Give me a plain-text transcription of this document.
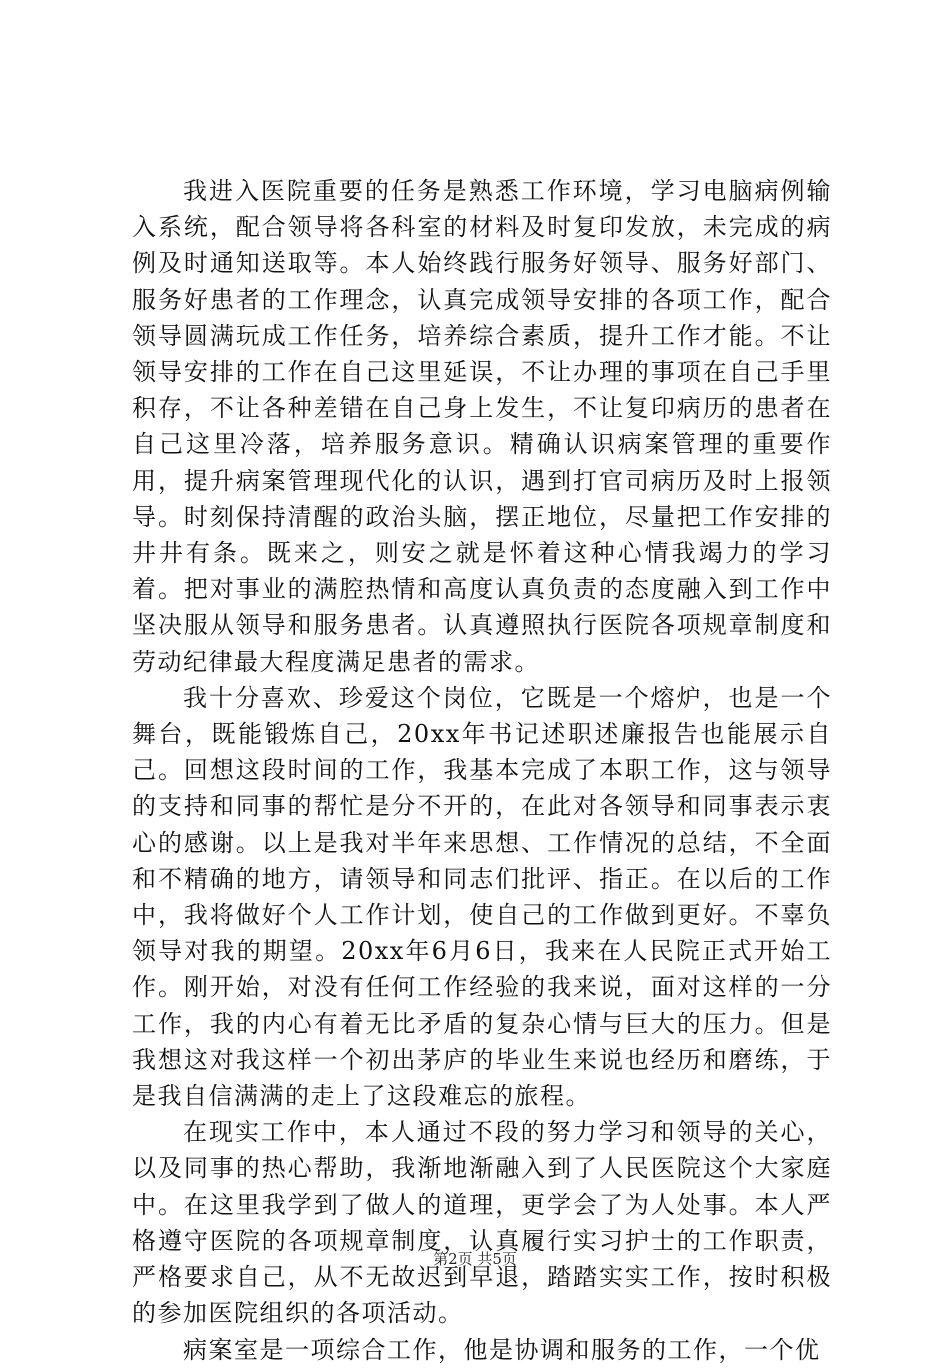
我进入医院重要的任务是熟悉工作环境，学习电脑病例输入系统，配合领导将各科室的材料及时复印发放，未完成的病例及时通知送取等。本人始终践行服务好领导、服务好部门、服务好患者的工作理念，认真完成领导安排的各项工作，配合领导圆满玩成工作任务，培养综合素质，提升工作才能。不让领导安排的工作在自己这里延误，不让办理的事项在自己手里积存，不让各种差错在自己身上发生，不让复印病历的患者在自己这里冷落，培养服务意识。精确认识病案管理的重要作用，提升病案管理现代化的认识，遇到打官司病历及时上报领导。时刻保持清醒的政治头脑，摆正地位，尽量把工作安排的井井有条。既来之，则安之就是怀着这种心情我竭力的学习着。把对事业的满腔热情和高度认真负责的态度融入到工作中坚决服从领导和服务患者。认真遵照执行医院各项规章制度和劳动纪律最大程度满足患者的需求。

我十分喜欢、珍爱这个岗位，它既是一个熔炉，也是一个舞台，既能锻炼自己，20xx年书记述职述廉报告也能展示自己。回想这段时间的工作，我基本完成了本职工作，这与领导的支持和同事的帮忙是分不开的，在此对各领导和同事表示衷心的感谢。以上是我对半年来思想、工作情况的总结，不全面和不精确的地方，请领导和同志们批评、指正。在以后的工作中，我将做好个人工作计划，使自己的工作做到更好。不辜负领导对我的期望。20xx年6月6日，我来在人民院正式开始工作。刚开始，对没有任何工作经验的我来说，面对这样的一分工作，我的内心有着无比矛盾的复杂心情与巨大的压力。但是我想这对我这样一个初出茅庐的毕业生来说也经历和磨练，于是我自信满满的走上了这段难忘的旅程。

在现实工作中，本人通过不段的努力学习和领导的关心，以及同事的热心帮助，我渐地渐融入到了人民医院这个大家庭中。在这里我学到了做人的道理，更学会了为人处事。本人严格遵守医院的各项规章制度，认真履行实习护士的工作职责，严格要求自己，从不无故迟到早退，踏踏实实工作，按时积极的参加医院组织的各项活动。

病案室是一项综合工作，他是协调和服务的工作，一个优

第2页 共5页
